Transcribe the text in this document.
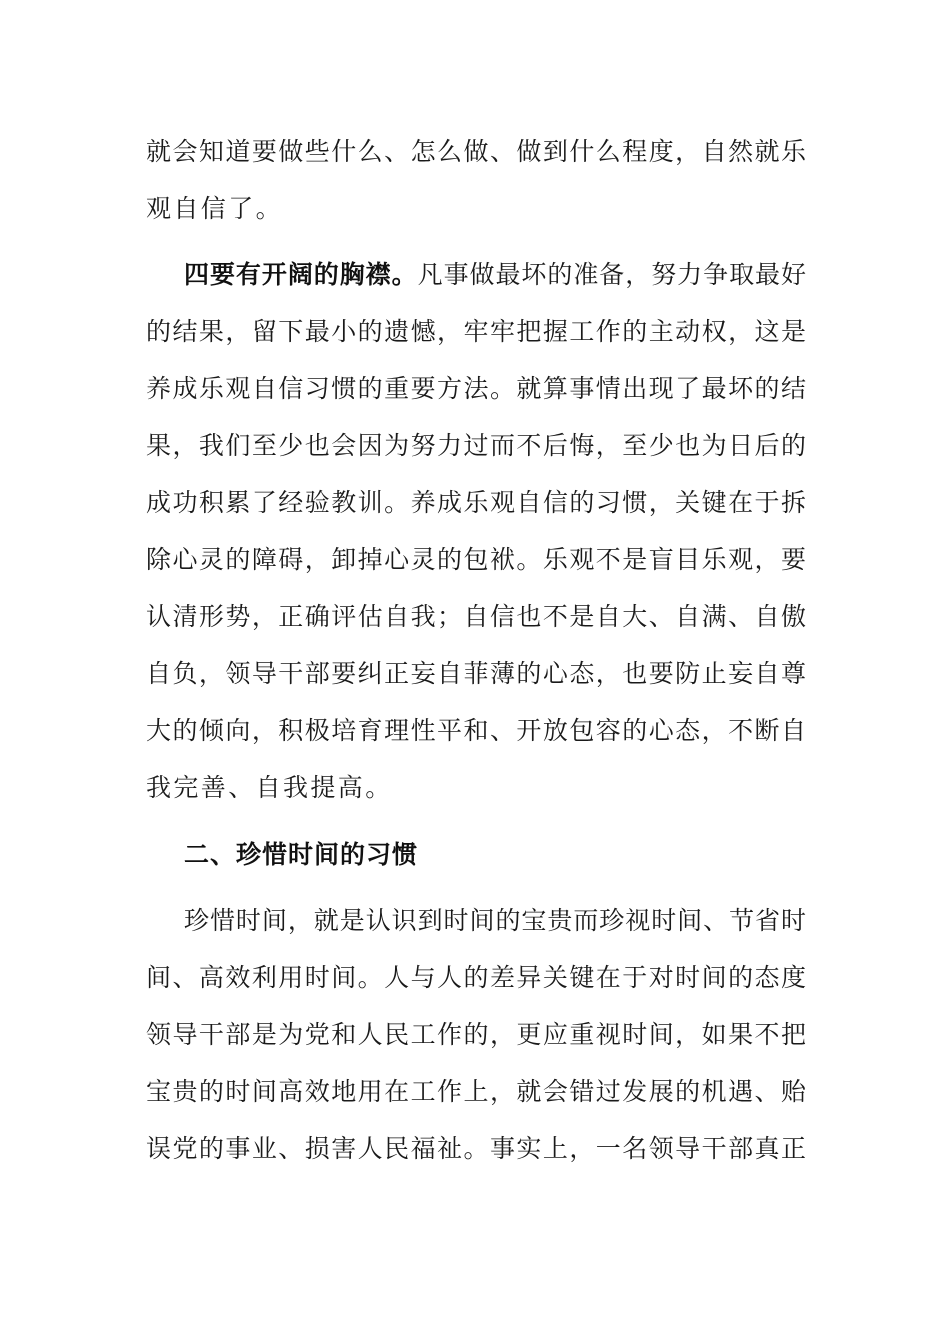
就会知道要做些什么、怎么做、做到什么程度，自然就乐
观自信了。
四要有开阔的胸襟。凡事做最坏的准备，努力争取最好
的结果，留下最小的遗憾，牢牢把握工作的主动权，这是
养成乐观自信习惯的重要方法。就算事情出现了最坏的结
果，我们至少也会因为努力过而不后悔，至少也为日后的
成功积累了经验教训。养成乐观自信的习惯，关键在于拆
除心灵的障碍，卸掉心灵的包袱。乐观不是盲目乐观，要
认清形势，正确评估自我；自信也不是自大、自满、自傲
自负，领导干部要纠正妄自菲薄的心态，也要防止妄自尊
大的倾向，积极培育理性平和、开放包容的心态，不断自
我完善、自我提高。
二、珍惜时间的习惯
珍惜时间，就是认识到时间的宝贵而珍视时间、节省时
间、高效利用时间。人与人的差异关键在于对时间的态度
领导干部是为党和人民工作的，更应重视时间，如果不把
宝贵的时间高效地用在工作上，就会错过发展的机遇、贻
误党的事业、损害人民福祉。事实上，一名领导干部真正
